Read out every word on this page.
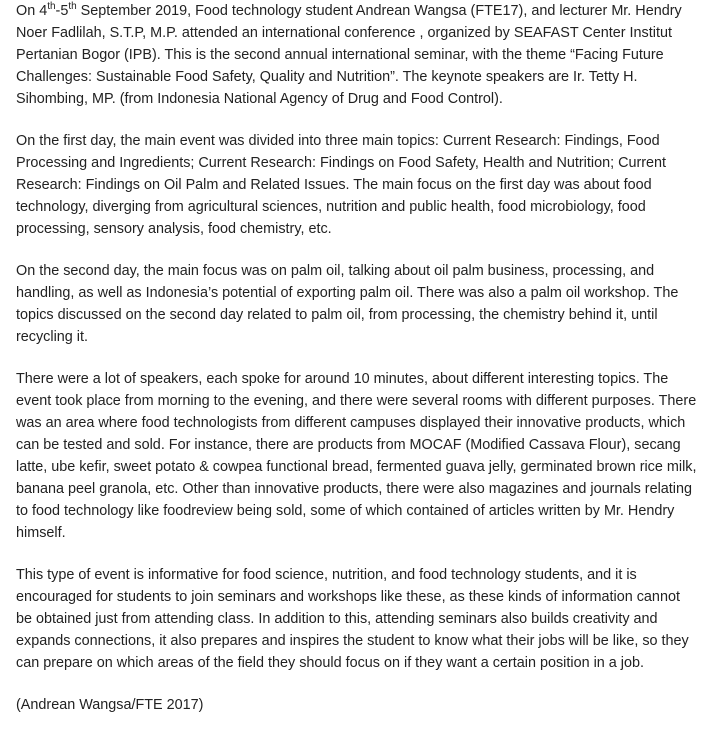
On 4th-5th September 2019, Food technology student Andrean Wangsa (FTE17), and lecturer Mr. Hendry Noer Fadlilah, S.T.P, M.P. attended an international conference , organized by SEAFAST Center Institut Pertanian Bogor (IPB). This is the second annual international seminar, with the theme “Facing Future Challenges: Sustainable Food Safety, Quality and Nutrition”. The keynote speakers are Ir. Tetty H. Sihombing, MP. (from Indonesia National Agency of Drug and Food Control).

On the first day, the main event was divided into three main topics: Current Research: Findings, Food Processing and Ingredients; Current Research: Findings on Food Safety, Health and Nutrition; Current Research: Findings on Oil Palm and Related Issues. The main focus on the first day was about food technology, diverging from agricultural sciences, nutrition and public health, food microbiology, food processing, sensory analysis, food chemistry, etc.

On the second day, the main focus was on palm oil, talking about oil palm business, processing, and handling, as well as Indonesia’s potential of exporting palm oil. There was also a palm oil workshop. The topics discussed on the second day related to palm oil, from processing, the chemistry behind it, until recycling it.

There were a lot of speakers, each spoke for around 10 minutes, about different interesting topics. The event took place from morning to the evening, and there were several rooms with different purposes. There was an area where food technologists from different campuses displayed their innovative products, which can be tested and sold. For instance, there are products from MOCAF (Modified Cassava Flour), secang latte, ube kefir, sweet potato & cowpea functional bread, fermented guava jelly, germinated brown rice milk, banana peel granola, etc. Other than innovative products, there were also magazines and journals relating to food technology like foodreview being sold, some of which contained of articles written by Mr. Hendry himself.

This type of event is informative for food science, nutrition, and food technology students, and it is encouraged for students to join seminars and workshops like these, as these kinds of information cannot be obtained just from attending class. In addition to this, attending seminars also builds creativity and expands connections, it also prepares and inspires the student to know what their jobs will be like, so they can prepare on which areas of the field they should focus on if they want a certain position in a job.

(Andrean Wangsa/FTE 2017)
